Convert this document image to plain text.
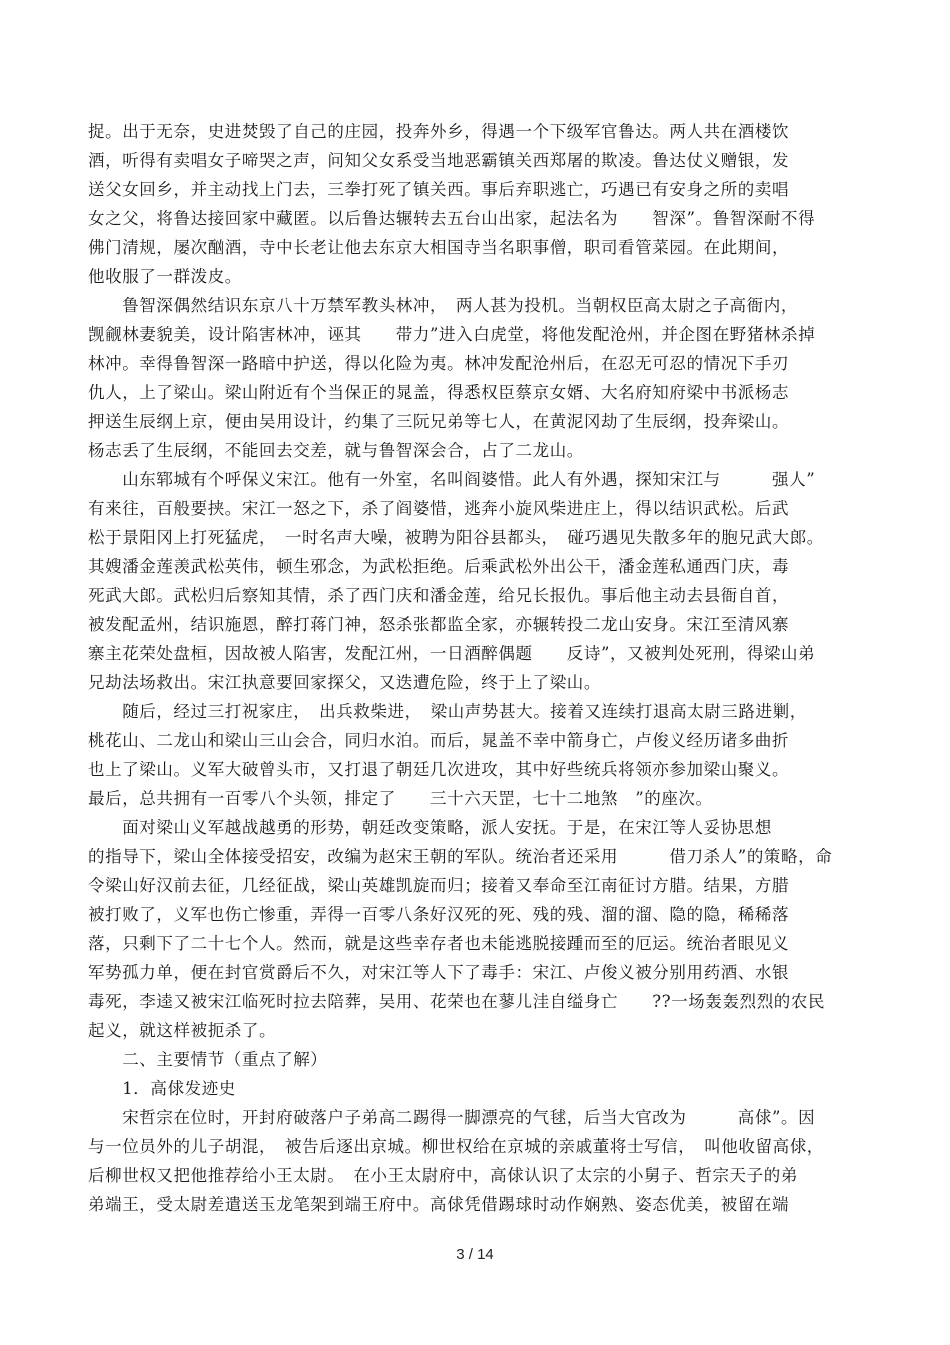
捉。出于无奈，史进焚毁了自己的庄园，投奔外乡，得遇一个下级军官鲁达。两人共在酒楼饮
酒，听得有卖唱女子啼哭之声，问知父女系受当地恶霸镇关西郑屠的欺凌。鲁达仗义赠银，发
送父女回乡，并主动找上门去，三拳打死了镇关西。事后弃职逃亡，巧遇已有安身之所的卖唱
女之父，将鲁达接回家中藏匿。以后鲁达辗转去五台山出家，起法名为　　智深”。鲁智深耐不得
佛门清规，屡次酗酒，寺中长老让他去东京大相国寺当名职事僧，职司看管菜园。在此期间，
他收服了一群泼皮。
　　鲁智深偶然结识东京八十万禁军教头林冲，　两人甚为投机。当朝权臣高太尉之子高衙内，
觊觎林妻貌美，设计陷害林冲，诬其　　带力”进入白虎堂，将他发配沧州，并企图在野猪林杀掉
林冲。幸得鲁智深一路暗中护送，得以化险为夷。林冲发配沧州后，在忍无可忍的情况下手刃
仇人，上了梁山。梁山附近有个当保正的晁盖，得悉权臣蔡京女婿、大名府知府梁中书派杨志
押送生辰纲上京，便由吴用设计，约集了三阮兄弟等七人，在黄泥冈劫了生辰纲，投奔梁山。
杨志丢了生辰纲，不能回去交差，就与鲁智深会合，占了二龙山。
　　山东郓城有个呼保义宋江。他有一外室，名叫阎婆惜。此人有外遇，探知宋江与　　　强人”
有来往，百般要挟。宋江一怒之下，杀了阎婆惜，逃奔小旋风柴进庄上，得以结识武松。后武
松于景阳冈上打死猛虎，　一时名声大噪，被聘为阳谷县都头，　碰巧遇见失散多年的胞兄武大郎。
其嫂潘金莲羡武松英伟，顿生邪念，为武松拒绝。后乘武松外出公干，潘金莲私通西门庆，毒
死武大郎。武松归后察知其情，杀了西门庆和潘金莲，给兄长报仇。事后他主动去县衙自首，
被发配孟州，结识施恩，醉打蒋门神，怒杀张都监全家，亦辗转投二龙山安身。宋江至清风寨
寨主花荣处盘桓，因故被人陷害，发配江州，一日酒醉偶题　　反诗”，又被判处死刑，得梁山弟
兄劫法场救出。宋江执意要回家探父，又迭遭危险，终于上了梁山。
　　随后，经过三打祝家庄，　出兵救柴进，　梁山声势甚大。接着又连续打退高太尉三路进剿，
桃花山、二龙山和梁山三山会合，同归水泊。而后，晁盖不幸中箭身亡，卢俊义经历诸多曲折
也上了梁山。义军大破曾头市，又打退了朝廷几次进攻，其中好些统兵将领亦参加梁山聚义。
最后，总共拥有一百零八个头领，排定了　　三十六天罡，七十二地煞　”的座次。
　　面对梁山义军越战越勇的形势，朝廷改变策略，派人安抚。于是，在宋江等人妥协思想
的指导下，梁山全体接受招安，改编为赵宋王朝的军队。统治者还采用　　　借刀杀人”的策略，命
令梁山好汉前去征，几经征战，梁山英雄凯旋而归；接着又奉命至江南征讨方腊。结果，方腊
被打败了，义军也伤亡惨重，弄得一百零八条好汉死的死、残的残、溜的溜、隐的隐，稀稀落
落，只剩下了二十七个人。然而，就是这些幸存者也未能逃脱接踵而至的厄运。统治者眼见义
军势孤力单，便在封官赏爵后不久，对宋江等人下了毒手：宋江、卢俊义被分别用药酒、水银
毒死，李逵又被宋江临死时拉去陪葬，吴用、花荣也在蓼儿洼自缢身亡　　??一场轰轰烈烈的农民
起义，就这样被扼杀了。
　　二、主要情节（重点了解）
　　1．高俅发迹史
　　宋哲宗在位时，开封府破落户子弟高二踢得一脚漂亮的气毬，后当大官改为　　　高俅”。因
与一位员外的儿子胡混，　被告后逐出京城。柳世权给在京城的亲戚董将士写信，　叫他收留高俅，
后柳世权又把他推荐给小王太尉。　在小王太尉府中，高俅认识了太宗的小舅子、哲宗天子的弟
弟端王，受太尉差遣送玉龙笔架到端王府中。高俅凭借踢球时动作娴熟、姿态优美，被留在端
3 / 14
